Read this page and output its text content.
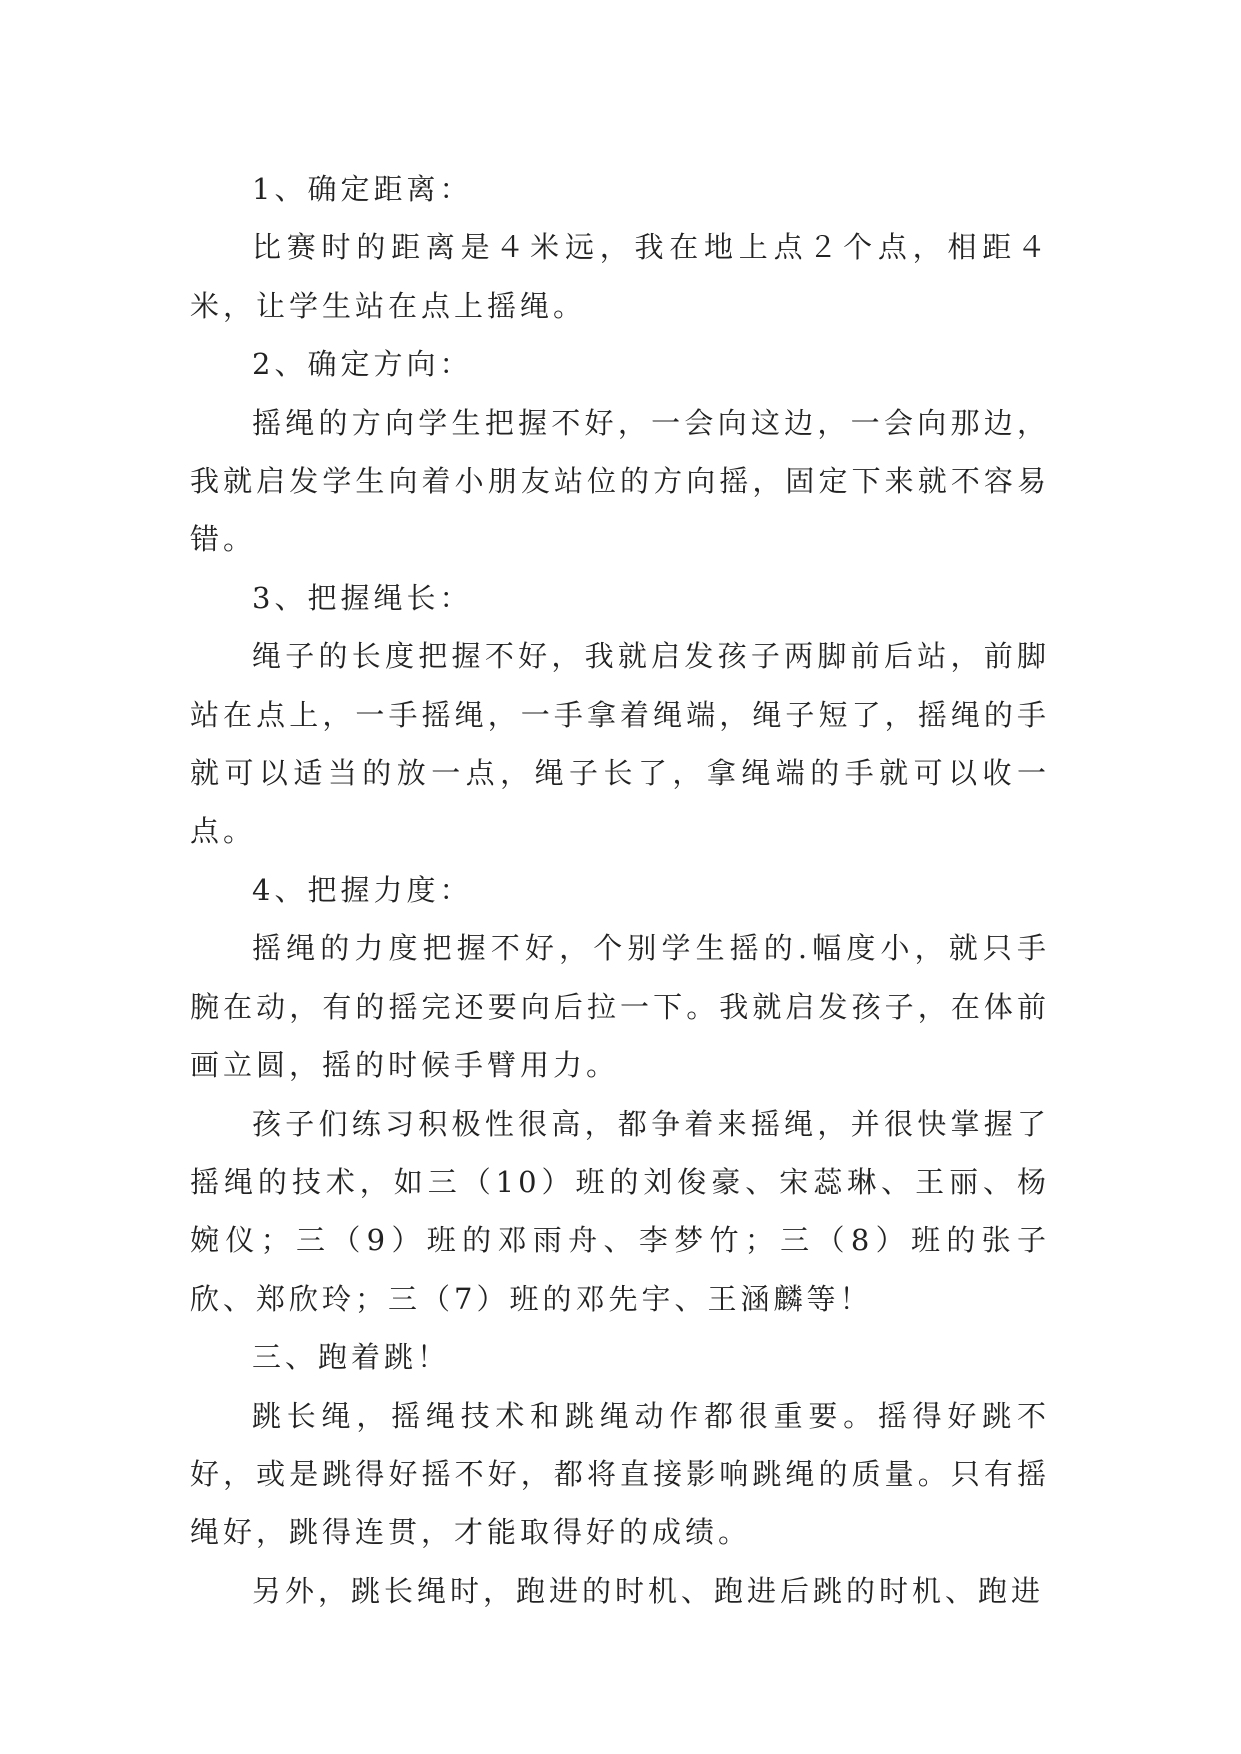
1、确定距离：

比赛时的距离是４米远，我在地上点２个点，相距４米，让学生站在点上摇绳。

2、确定方向：

摇绳的方向学生把握不好，一会向这边，一会向那边，我就启发学生向着小朋友站位的方向摇，固定下来就不容易错。

3、把握绳长：

绳子的长度把握不好，我就启发孩子两脚前后站，前脚站在点上，一手摇绳，一手拿着绳端，绳子短了，摇绳的手就可以适当的放一点，绳子长了，拿绳端的手就可以收一点。

4、把握力度：

摇绳的力度把握不好，个别学生摇的.幅度小，就只手腕在动，有的摇完还要向后拉一下。我就启发孩子，在体前画立圆，摇的时候手臂用力。

孩子们练习积极性很高，都争着来摇绳，并很快掌握了摇绳的技术，如三（10）班的刘俊豪、宋蕊琳、王丽、杨婉仪；三（9）班的邓雨舟、李梦竹；三（8）班的张子欣、郑欣玲；三（7）班的邓先宇、王涵麟等！

三、跑着跳！

跳长绳，摇绳技术和跳绳动作都很重要。摇得好跳不好，或是跳得好摇不好，都将直接影响跳绳的质量。只有摇绳好，跳得连贯，才能取得好的成绩。

另外，跳长绳时，跑进的时机、跑进后跳的时机、跑进
